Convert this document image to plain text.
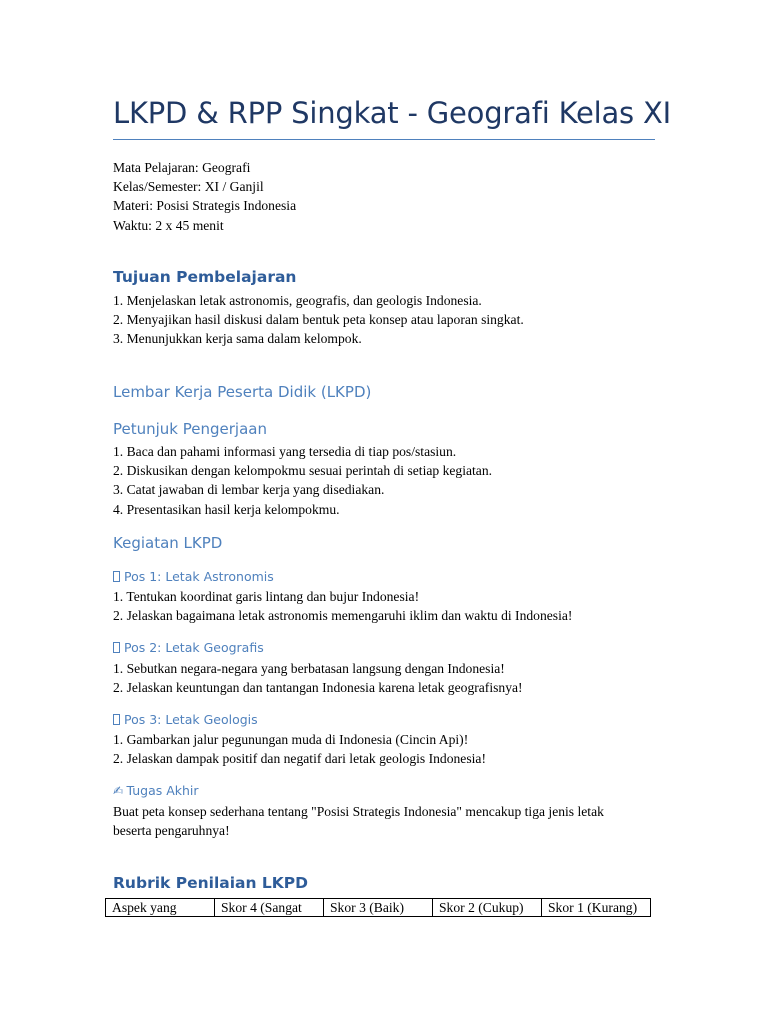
LKPD & RPP Singkat - Geografi Kelas XI
Mata Pelajaran: Geografi
Kelas/Semester: XI / Ganjil
Materi: Posisi Strategis Indonesia
Waktu: 2 x 45 menit
Tujuan Pembelajaran
1. Menjelaskan letak astronomis, geografis, dan geologis Indonesia.
2. Menyajikan hasil diskusi dalam bentuk peta konsep atau laporan singkat.
3. Menunjukkan kerja sama dalam kelompok.
Lembar Kerja Peserta Didik (LKPD)
Petunjuk Pengerjaan
1. Baca dan pahami informasi yang tersedia di tiap pos/stasiun.
2. Diskusikan dengan kelompokmu sesuai perintah di setiap kegiatan.
3. Catat jawaban di lembar kerja yang disediakan.
4. Presentasikan hasil kerja kelompokmu.
Kegiatan LKPD
Pos 1: Letak Astronomis
1. Tentukan koordinat garis lintang dan bujur Indonesia!
2. Jelaskan bagaimana letak astronomis memengaruhi iklim dan waktu di Indonesia!
Pos 2: Letak Geografis
1. Sebutkan negara-negara yang berbatasan langsung dengan Indonesia!
2. Jelaskan keuntungan dan tantangan Indonesia karena letak geografisnya!
Pos 3: Letak Geologis
1. Gambarkan jalur pegunungan muda di Indonesia (Cincin Api)!
2. Jelaskan dampak positif dan negatif dari letak geologis Indonesia!
✍ Tugas Akhir
Buat peta konsep sederhana tentang "Posisi Strategis Indonesia" mencakup tiga jenis letak
beserta pengaruhnya!
Rubrik Penilaian LKPD
Aspek yang	Skor 4 (Sangat	Skor 3 (Baik)	Skor 2 (Cukup)	Skor 1 (Kurang)
